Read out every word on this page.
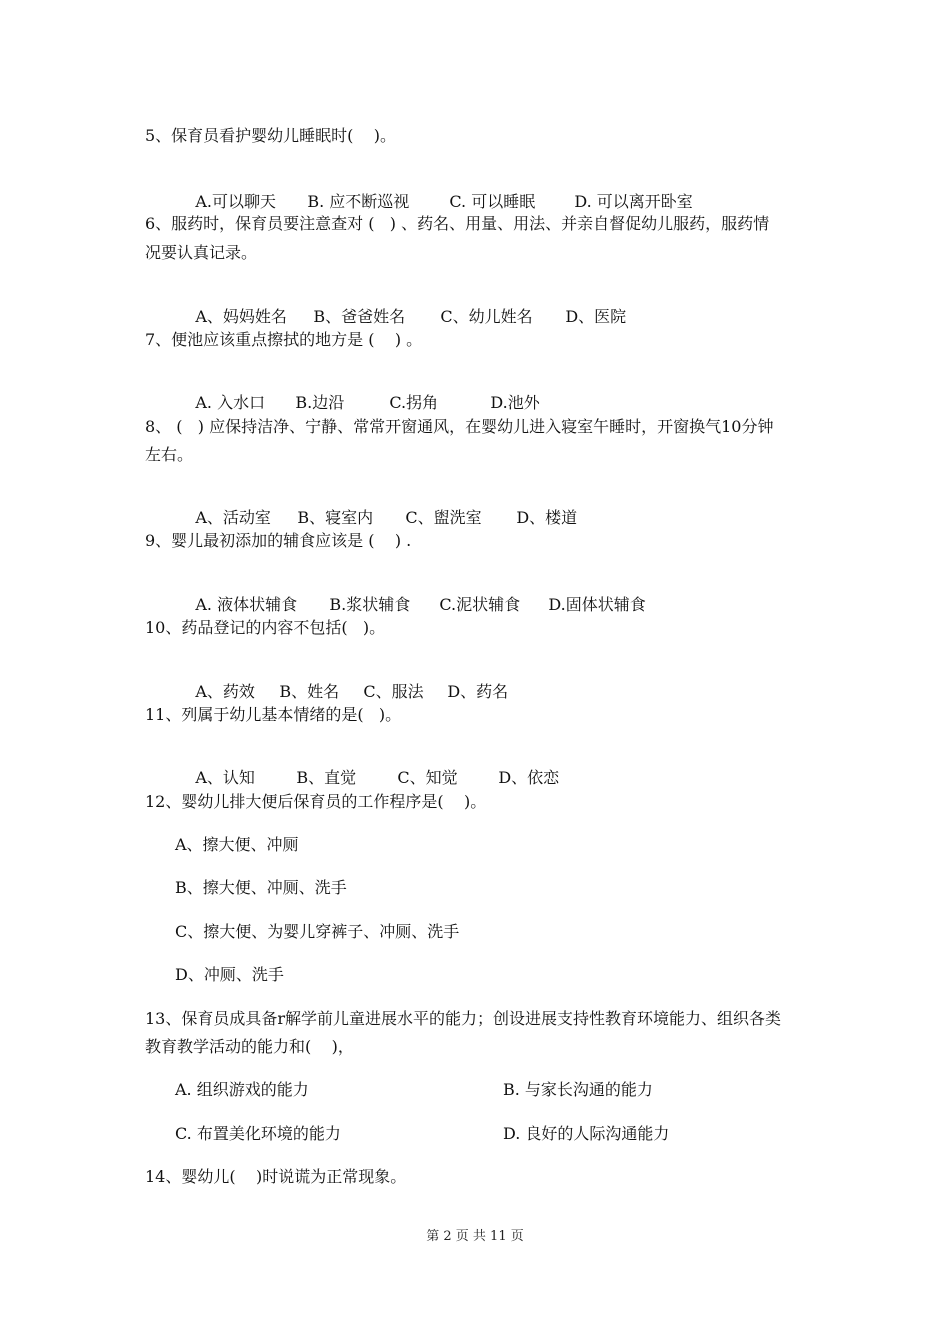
5、保育员看护婴幼儿睡眠时(    )。

A.可以聊天 B. 应不断巡视	C. 可以睡眠 D. 可以离开卧室

6、服药时，保育员要注意查对 (   ) 、药名、用量、用法、并亲自督促幼儿服药，服药情
况要认真记录。

A、妈妈姓名 B、爸爸姓名 C、幼儿姓名 D、医院

7、便池应该重点擦拭的地方是 (    ) 。

A. 入水口 B.边沿	C.拐角	D.池外

8、 (   ) 应保持洁净、宁静、常常开窗通风，在婴幼儿进入寝室午睡时，开窗换气10分钟
左右。

A、活动室 B、寝室内 C、盥洗室 D、楼道

9、婴儿最初添加的辅食应该是 (    ) .

A. 液体状辅食 B.浆状辅食 C.泥状辅食 D.固体状辅食

10、药品登记的内容不包括(   )。

A、药效 B、姓名 C、服法 D、药名

11、列属于幼儿基本情绪的是(   )。

A、认知	B、直觉	C、知觉	D、依恋

12、婴幼儿排大便后保育员的工作程序是(    )。
A、擦大便、冲厕
B、擦大便、冲厕、洗手
C、擦大便、为婴儿穿裤子、冲厕、洗手
D、冲厕、洗手
13、保育员成具备r解学前儿童进展水平的能力；创设进展支持性教育环境能力、组织各类
教育教学活动的能力和(    )，
A. 组织游戏的能力	B. 与家长沟通的能力
C. 布置美化环境的能力	D. 良好的人际沟通能力
14、婴幼儿(    )时说谎为正常现象。
第 2 页 共 11 页
